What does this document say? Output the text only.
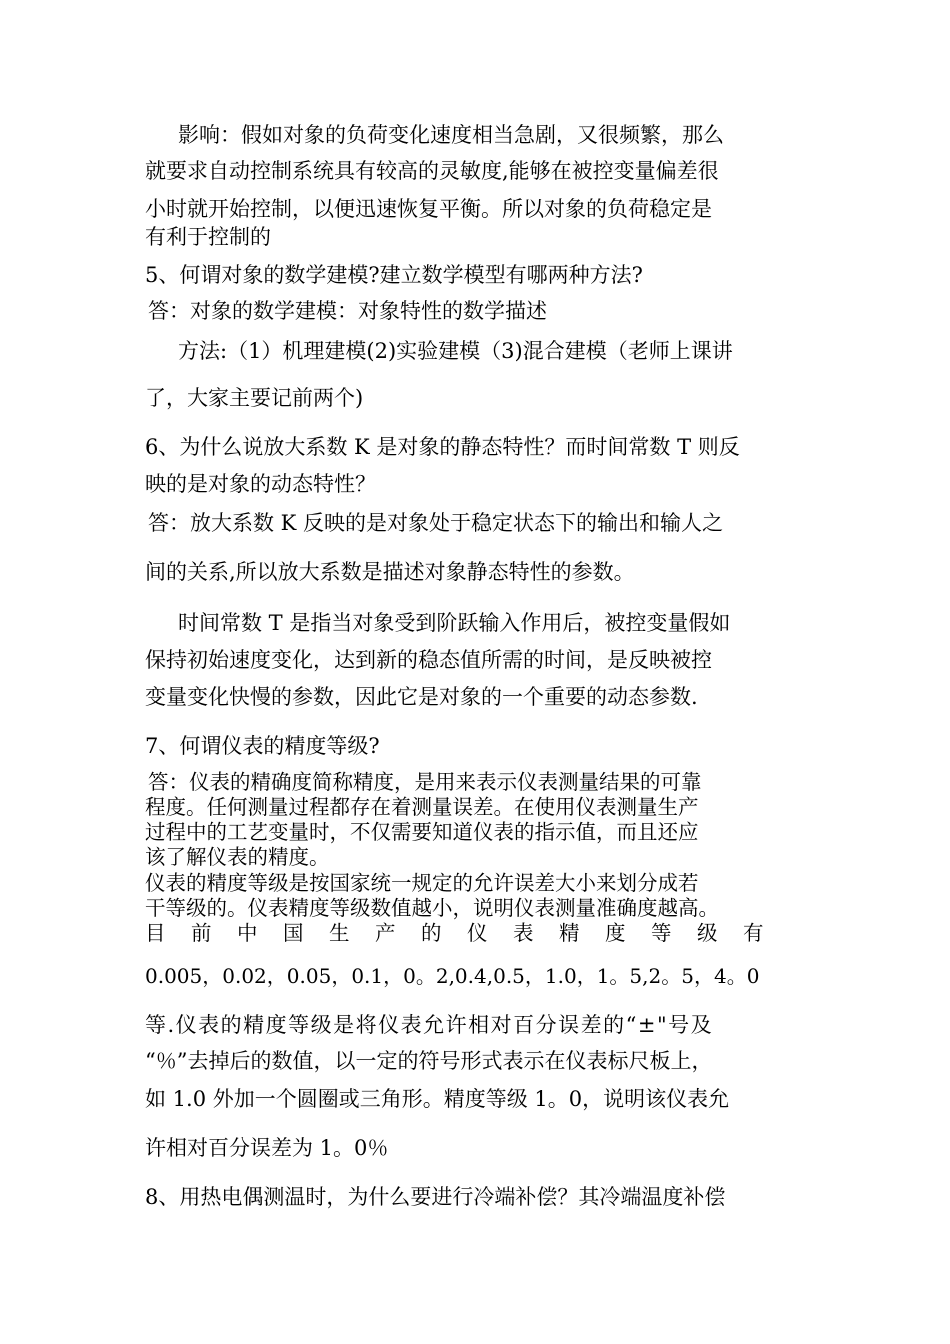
影响：假如对象的负荷变化速度相当急剧，又很频繁，那么
就要求自动控制系统具有较高的灵敏度,能够在被控变量偏差很
小时就开始控制，以便迅速恢复平衡。所以对象的负荷稳定是
有利于控制的
5、何谓对象的数学建模?建立数学模型有哪两种方法?
答：对象的数学建模：对象特性的数学描述
方法:（1）机理建模(2)实验建模（3)混合建模（老师上课讲
了，大家主要记前两个)
6、为什么说放大系数 K 是对象的静态特性？而时间常数 T 则反
映的是对象的动态特性？
答：放大系数 K 反映的是对象处于稳定状态下的输出和输人之
间的关系,所以放大系数是描述对象静态特性的参数。
时间常数 T 是指当对象受到阶跃输入作用后，被控变量假如
保持初始速度变化，达到新的稳态值所需的时间，是反映被控
变量变化快慢的参数，因此它是对象的一个重要的动态参数.
7、何谓仪表的精度等级?
答：仪表的精确度简称精度，是用来表示仪表测量结果的可靠
程度。任何测量过程都存在着测量误差。在使用仪表测量生产
过程中的工艺变量时，不仅需要知道仪表的指示值，而且还应
该了解仪表的精度。
仪表的精度等级是按国家统一规定的允许误差大小来划分成若
干等级的。仪表精度等级数值越小，说明仪表测量准确度越高。
目前中国生产的仪表精度等级有
0.005，0.02，0.05，0.1，0。2,0.4,0.5，1.0，1。5,2。5，4。0
等.仪表的精度等级是将仪表允许相对百分误差的“±"号及
“％”去掉后的数值，以一定的符号形式表示在仪表标尺板上，
如 1.0 外加一个圆圈或三角形。精度等级 1。0，说明该仪表允
许相对百分误差为 1。0％
8、用热电偶测温时，为什么要进行冷端补偿？其冷端温度补偿
